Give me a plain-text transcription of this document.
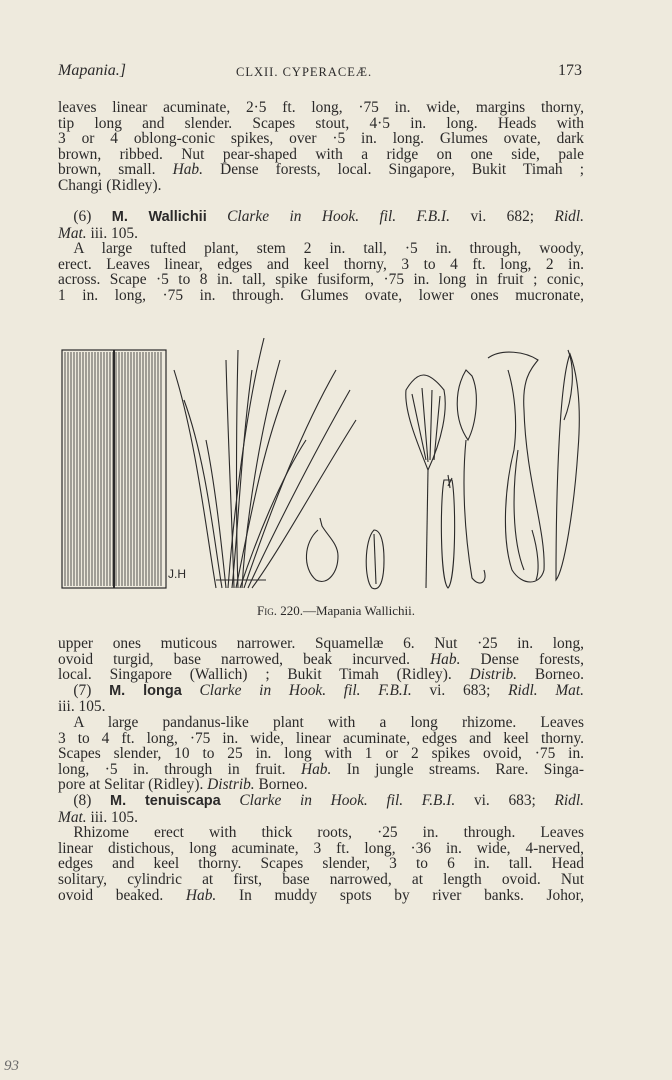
Mapania.]	CLXII. CYPERACEÆ.	173
leaves linear acuminate, 2·5 ft. long, ·75 in. wide, margins thorny,
tip long and slender. Scapes stout, 4·5 in. long. Heads with
3 or 4 oblong-conic spikes, over ·5 in. long. Glumes ovate, dark
brown, ribbed. Nut pear-shaped with a ridge on one side, pale
brown, small. Hab. Dense forests, local. Singapore, Bukit Timah ;
Changi (Ridley).
 (6) M. Wallichii Clarke in Hook. fil. F.B.I. vi. 682; Ridl.
Mat. iii. 105.
 A large tufted plant, stem 2 in. tall, ·5 in. through, woody,
erect. Leaves linear, edges and keel thorny, 3 to 4 ft. long, 2 in.
across. Scape ·5 to 8 in. tall, spike fusiform, ·75 in. long in fruit ; conic,
1 in. long, ·75 in. through. Glumes ovate, lower ones mucronate,
J.H
Fig. 220.—Mapania Wallichii.
upper ones muticous narrower. Squamellæ 6. Nut ·25 in. long,
ovoid turgid, base narrowed, beak incurved. Hab. Dense forests,
local. Singapore (Wallich) ; Bukit Timah (Ridley). Distrib. Borneo.
 (7) M. longa Clarke in Hook. fil. F.B.I. vi. 683; Ridl. Mat.
iii. 105.
 A large pandanus-like plant with a long rhizome. Leaves
3 to 4 ft. long, ·75 in. wide, linear acuminate, edges and keel thorny.
Scapes slender, 10 to 25 in. long with 1 or 2 spikes ovoid, ·75 in.
long, ·5 in. through in fruit. Hab. In jungle streams. Rare. Singa-
pore at Selitar (Ridley). Distrib. Borneo.
 (8) M. tenuiscapa Clarke in Hook. fil. F.B.I. vi. 683; Ridl.
Mat. iii. 105.
 Rhizome erect with thick roots, ·25 in. through. Leaves
linear distichous, long acuminate, 3 ft. long, ·36 in. wide, 4-nerved,
edges and keel thorny. Scapes slender, 3 to 6 in. tall. Head
solitary, cylindric at first, base narrowed, at length ovoid. Nut
ovoid beaked. Hab. In muddy spots by river banks. Johor,
93
